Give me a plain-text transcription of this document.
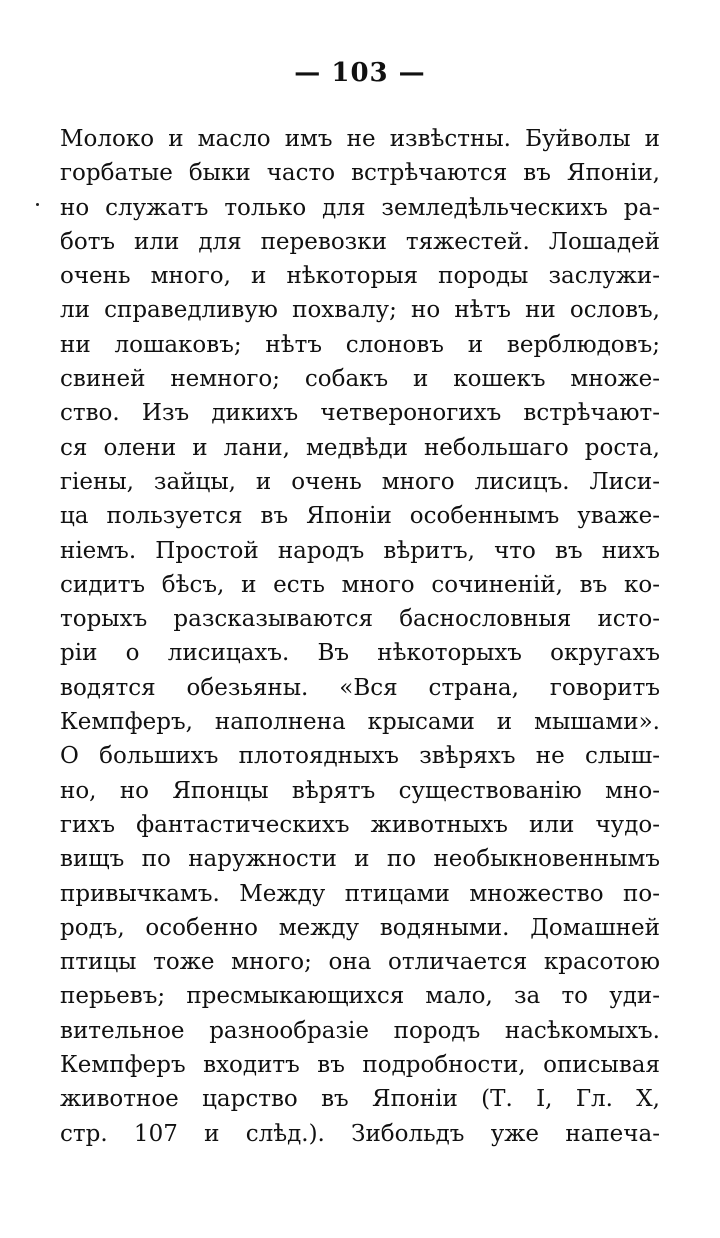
— 103 —
Молоко и масло имъ не извѣстны. Буйволы и
горбатые быки часто встрѣчаются въ Японіи,
но служатъ только для земледѣльческихъ ра-
ботъ или для перевозки тяжестей. Лошадей
очень много, и нѣкоторыя породы заслужи-
ли справедливую похвалу; но нѣтъ ни ословъ,
ни лошаковъ; нѣтъ слоновъ и верблюдовъ;
свиней немного; собакъ и кошекъ множе-
ство. Изъ дикихъ четвероногихъ встрѣчают-
ся олени и лани, медвѣди небольшаго роста,
гіены, зайцы, и очень много лисицъ. Лиси-
ца пользуется въ Японіи особеннымъ уваже-
ніемъ. Простой народъ вѣритъ, что въ нихъ
сидитъ бѣсъ, и есть много сочиненій, въ ко-
торыхъ разсказываются баснословныя исто-
ріи о лисицахъ. Въ нѣкоторыхъ округахъ
водятся обезьяны. «Вся страна, говоритъ
Кемпферъ, наполнена крысами и мышами».
О большихъ плотоядныхъ звѣряхъ не слыш-
но, но Японцы вѣрятъ существованію мно-
гихъ фантастическихъ животныхъ или чудо-
вищъ по наружности и по необыкновеннымъ
привычкамъ. Между птицами множество по-
родъ, особенно между водяными. Домашней
птицы тоже много; она отличается красотою
перьевъ; пресмыкающихся мало, за то уди-
вительное разнообразіе породъ насѣкомыхъ.
Кемпферъ входитъ въ подробности, описывая
животное царство въ Японіи (Т. I, Гл. X,
стр. 107 и слѣд.). Зибольдъ уже напеча-
